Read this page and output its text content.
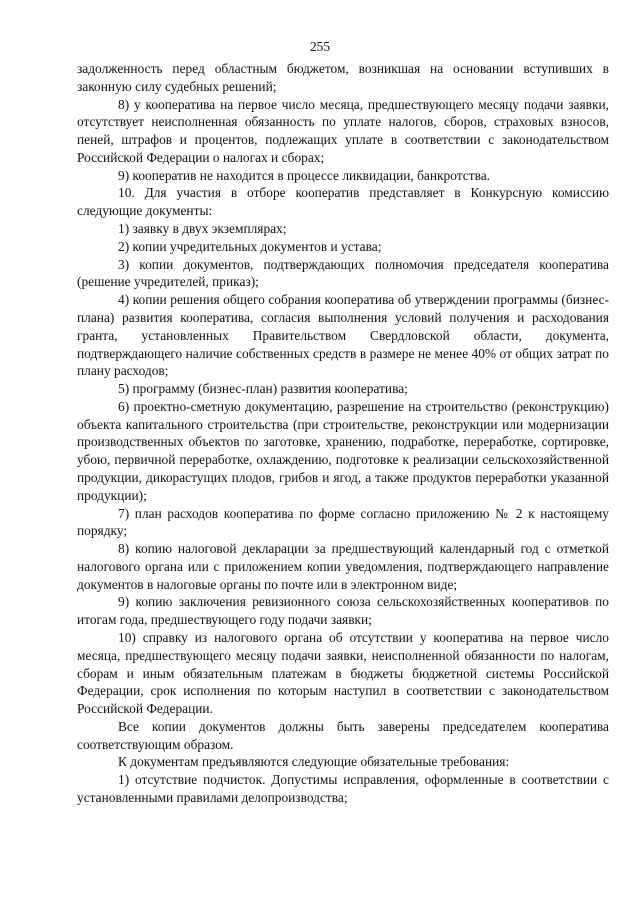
255

задолженность перед областным бюджетом, возникшая на основании вступивших в законную силу судебных решений;

8) у кооператива на первое число месяца, предшествующего месяцу подачи заявки, отсутствует неисполненная обязанность по уплате налогов, сборов, страховых взносов, пеней, штрафов и процентов, подлежащих уплате в соответствии с законодательством Российской Федерации о налогах и сборах;

9) кооператив не находится в процессе ликвидации, банкротства.

10. Для участия в отборе кооператив представляет в Конкурсную комиссию следующие документы:

1) заявку в двух экземплярах;

2) копии учредительных документов и устава;

3) копии документов, подтверждающих полномочия председателя кооператива (решение учредителей, приказ);

4) копии решения общего собрания кооператива об утверждении программы (бизнес-плана) развития кооператива, согласия выполнения условий получения и расходования гранта, установленных Правительством Свердловской области, документа, подтверждающего наличие собственных средств в размере не менее 40% от общих затрат по плану расходов;

5) программу (бизнес-план) развития кооператива;

6) проектно-сметную документацию, разрешение на строительство (реконструкцию) объекта капитального строительства (при строительстве, реконструкции или модернизации производственных объектов по заготовке, хранению, подработке, переработке, сортировке, убою, первичной переработке, охлаждению, подготовке к реализации сельскохозяйственной продукции, дикорастущих плодов, грибов и ягод, а также продуктов переработки указанной продукции);

7) план расходов кооператива по форме согласно приложению № 2 к настоящему порядку;

8) копию налоговой декларации за предшествующий календарный год с отметкой налогового органа или с приложением копии уведомления, подтверждающего направление документов в налоговые органы по почте или в электронном виде;

9) копию заключения ревизионного союза сельскохозяйственных кооперативов по итогам года, предшествующего году подачи заявки;

10) справку из налогового органа об отсутствии у кооператива на первое число месяца, предшествующего месяцу подачи заявки, неисполненной обязанности по налогам, сборам и иным обязательным платежам в бюджеты бюджетной системы Российской Федерации, срок исполнения по которым наступил в соответствии с законодательством Российской Федерации.

Все копии документов должны быть заверены председателем кооператива соответствующим образом.

К документам предъявляются следующие обязательные требования:

1) отсутствие подчисток. Допустимы исправления, оформленные в соответствии с установленными правилами делопроизводства;
